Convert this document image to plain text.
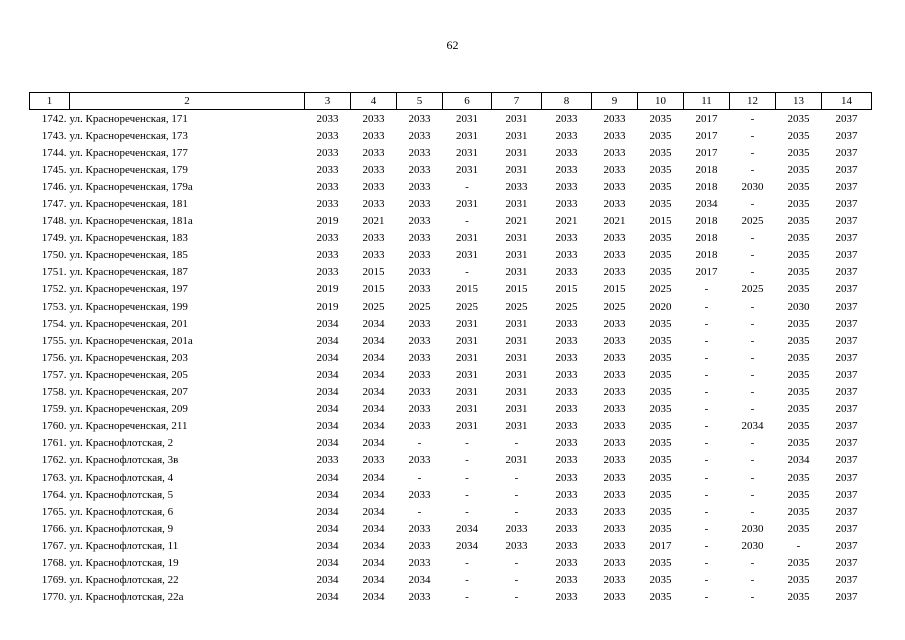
62
1	2	3	4	5	6	7	8	9	10	11	12	13	14
1742.	ул. Краснореченская, 171	2033	2033	2033	2031	2031	2033	2033	2035	2017	-	2035	2037
1743.	ул. Краснореченская, 173	2033	2033	2033	2031	2031	2033	2033	2035	2017	-	2035	2037
1744.	ул. Краснореченская, 177	2033	2033	2033	2031	2031	2033	2033	2035	2017	-	2035	2037
1745.	ул. Краснореченская, 179	2033	2033	2033	2031	2031	2033	2033	2035	2018	-	2035	2037
1746.	ул. Краснореченская, 179а	2033	2033	2033	-	2033	2033	2033	2035	2018	2030	2035	2037
1747.	ул. Краснореченская, 181	2033	2033	2033	2031	2031	2033	2033	2035	2034	-	2035	2037
1748.	ул. Краснореченская, 181а	2019	2021	2033	-	2021	2021	2021	2015	2018	2025	2035	2037
1749.	ул. Краснореченская, 183	2033	2033	2033	2031	2031	2033	2033	2035	2018	-	2035	2037
1750.	ул. Краснореченская, 185	2033	2033	2033	2031	2031	2033	2033	2035	2018	-	2035	2037
1751.	ул. Краснореченская, 187	2033	2015	2033	-	2031	2033	2033	2035	2017	-	2035	2037
1752.	ул. Краснореченская, 197	2019	2015	2033	2015	2015	2015	2015	2025	-	2025	2035	2037
1753.	ул. Краснореченская, 199	2019	2025	2025	2025	2025	2025	2025	2020	-	-	2030	2037
1754.	ул. Краснореченская, 201	2034	2034	2033	2031	2031	2033	2033	2035	-	-	2035	2037
1755.	ул. Краснореченская, 201а	2034	2034	2033	2031	2031	2033	2033	2035	-	-	2035	2037
1756.	ул. Краснореченская, 203	2034	2034	2033	2031	2031	2033	2033	2035	-	-	2035	2037
1757.	ул. Краснореченская, 205	2034	2034	2033	2031	2031	2033	2033	2035	-	-	2035	2037
1758.	ул. Краснореченская, 207	2034	2034	2033	2031	2031	2033	2033	2035	-	-	2035	2037
1759.	ул. Краснореченская, 209	2034	2034	2033	2031	2031	2033	2033	2035	-	-	2035	2037
1760.	ул. Краснореченская, 211	2034	2034	2033	2031	2031	2033	2033	2035	-	2034	2035	2037
1761.	ул. Краснофлотская, 2	2034	2034	-	-	-	2033	2033	2035	-	-	2035	2037
1762.	ул. Краснофлотская, 3в	2033	2033	2033	-	2031	2033	2033	2035	-	-	2034	2037
1763.	ул. Краснофлотская, 4	2034	2034	-	-	-	2033	2033	2035	-	-	2035	2037
1764.	ул. Краснофлотская, 5	2034	2034	2033	-	-	2033	2033	2035	-	-	2035	2037
1765.	ул. Краснофлотская, 6	2034	2034	-	-	-	2033	2033	2035	-	-	2035	2037
1766.	ул. Краснофлотская, 9	2034	2034	2033	2034	2033	2033	2033	2035	-	2030	2035	2037
1767.	ул. Краснофлотская, 11	2034	2034	2033	2034	2033	2033	2033	2017	-	2030	-	2037
1768.	ул. Краснофлотская, 19	2034	2034	2033	-	-	2033	2033	2035	-	-	2035	2037
1769.	ул. Краснофлотская, 22	2034	2034	2034	-	-	2033	2033	2035	-	-	2035	2037
1770.	ул. Краснофлотская, 22а	2034	2034	2033	-	-	2033	2033	2035	-	-	2035	2037
